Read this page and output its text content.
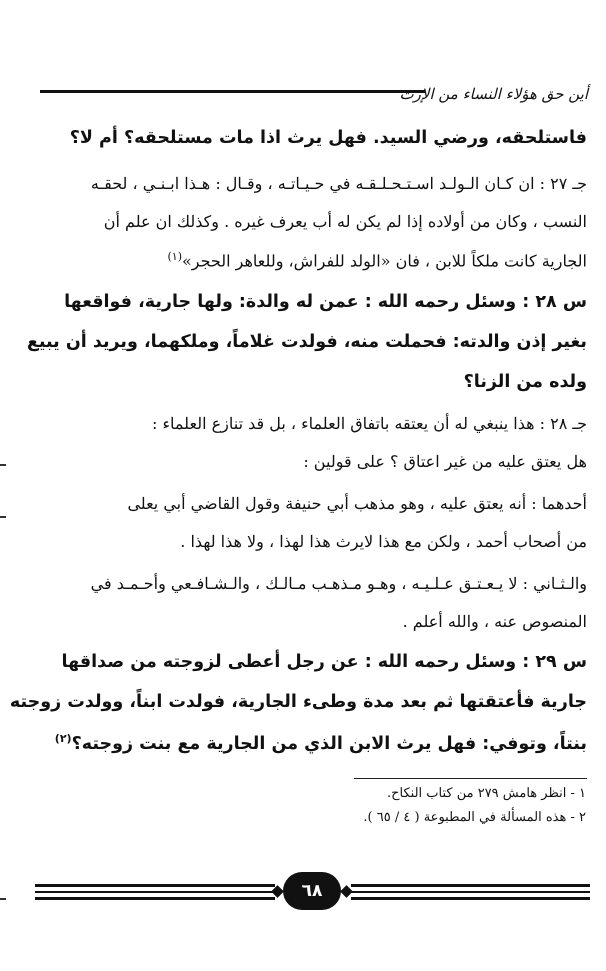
أين حق هؤلاء النساء من الإرث
فاستلحقه، ورضي السيد. فهل يرث اذا مات مستلحقه؟ أم لا؟
جـ ٢٧ : ان كـان الـولـد اسـتـحـلـقـه في حـيـاتـه ، وقـال : هـذا ابـنـي ، لحقـه
النسب ، وكان من أولاده إذا لم يكن له أب يعرف غيره . وكذلك ان علم أن
الجارية كانت ملكاً للابن ، فان «الولد للفراش، وللعاهر الحجر»$^{(١)}$
س ٢٨ : وسئل رحمه الله : عمن له والدة: ولها جارية، فواقعها
بغير إذن والدته: فحملت منه، فولدت غلاماً، وملكهما، ويريد أن يبيع
ولده من الزنا؟
جـ ٢٨ : هذا ينبغي له أن يعتقه باتفاق العلماء ، بل قد تنازع العلماء :
هل يعتق عليه من غير اعتاق ؟ على قولين :
أحدهما : أنه يعتق عليه ، وهو مذهب أبي حنيفة وقول القاضي أبي يعلى
من أصحاب أحمد ، ولكن مع هذا لايرث هذا لهذا ، ولا هذا لهذا .
والـثـاني : لا يـعـتـق عـلـيـه ، وهـو مـذهـب مـالـك ، والـشـافـعي وأحـمـد في
المنصوص عنه ، والله أعلم .
س ٢٩ : وسئل رحمه الله : عن رجل أعطى لزوجته من صداقها
جارية فأعتقتها ثم بعد مدة وطىء الجارية، فولدت ابناً، وولدت زوجته
بنتاً، وتوفي: فهل يرث الابن الذي من الجارية مع بنت زوجته؟$^{(٢)}$
١ - انظر هامش ٢٧٩ من كتاب النكاح.
٢ - هذه المسألة في المطبوعة ( ٤ / ٦٥ ).
٦٨
